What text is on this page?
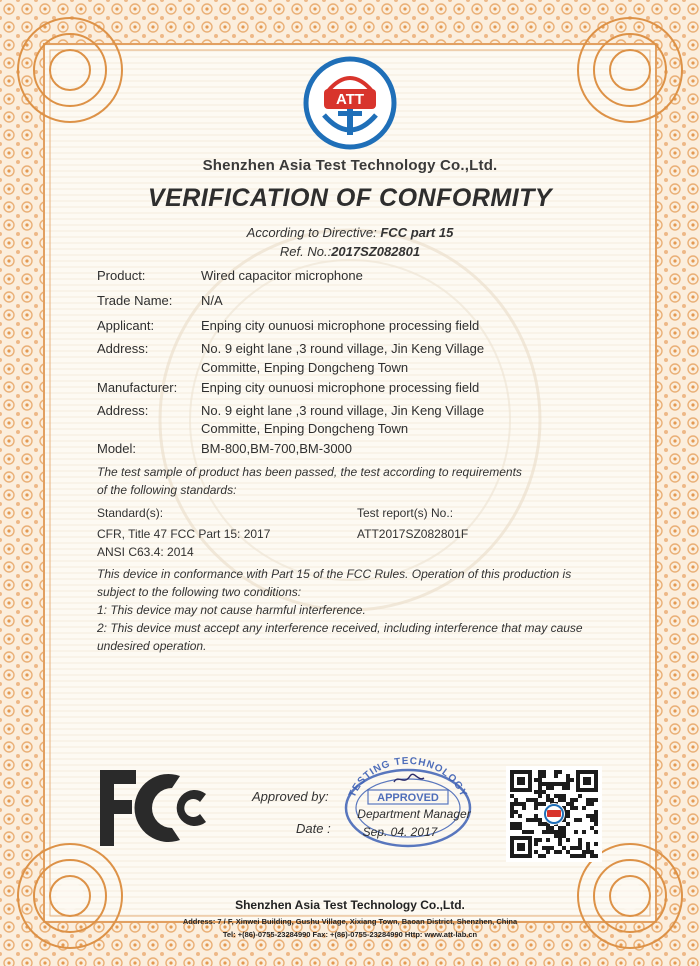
ATT
Shenzhen Asia Test Technology Co.,Ltd.
VERIFICATION OF CONFORMITY
According to Directive: FCC part 15
Ref. No.:2017SZ082801
Product:	Wired capacitor microphone
Trade Name: N/A
Applicant:	Enping city ounuosi microphone processing field
Address:	No. 9 eight lane ,3 round village, Jin Keng Village
Committe, Enping Dongcheng Town
Manufacturer: Enping city ounuosi microphone processing field
Address:	No. 9 eight lane ,3 round village, Jin Keng Village
Committe, Enping Dongcheng Town
Model:	BM-800,BM-700,BM-3000
The test sample of product has been passed, the test according to requirements
of the following standards:
Standard(s):	Test report(s) No.:
CFR, Title 47 FCC Part 15: 2017	ATT2017SZ082801F
ANSI C63.4: 2014
This device in conformance with Part 15 of the FCC Rules. Operation of this production is
subject to the following two conditions:
1: This device may not cause harmful interference.
2: This device must accept any interference received, including interference that may cause
undesired operation.
Approved by:
Date :
TESTING TECHNOLOGY
APPROVED
Department Manager
Sep. 04. 2017
Shenzhen Asia Test Technology Co.,Ltd.
Address: 7 / F, Xinwei Building, Gushu Village, Xixiang Town, Baoan District, Shenzhen, China
Tel: +(86)-0755-23284990 Fax: +(86)-0755-23284990 Http: www.att-lab.cn
